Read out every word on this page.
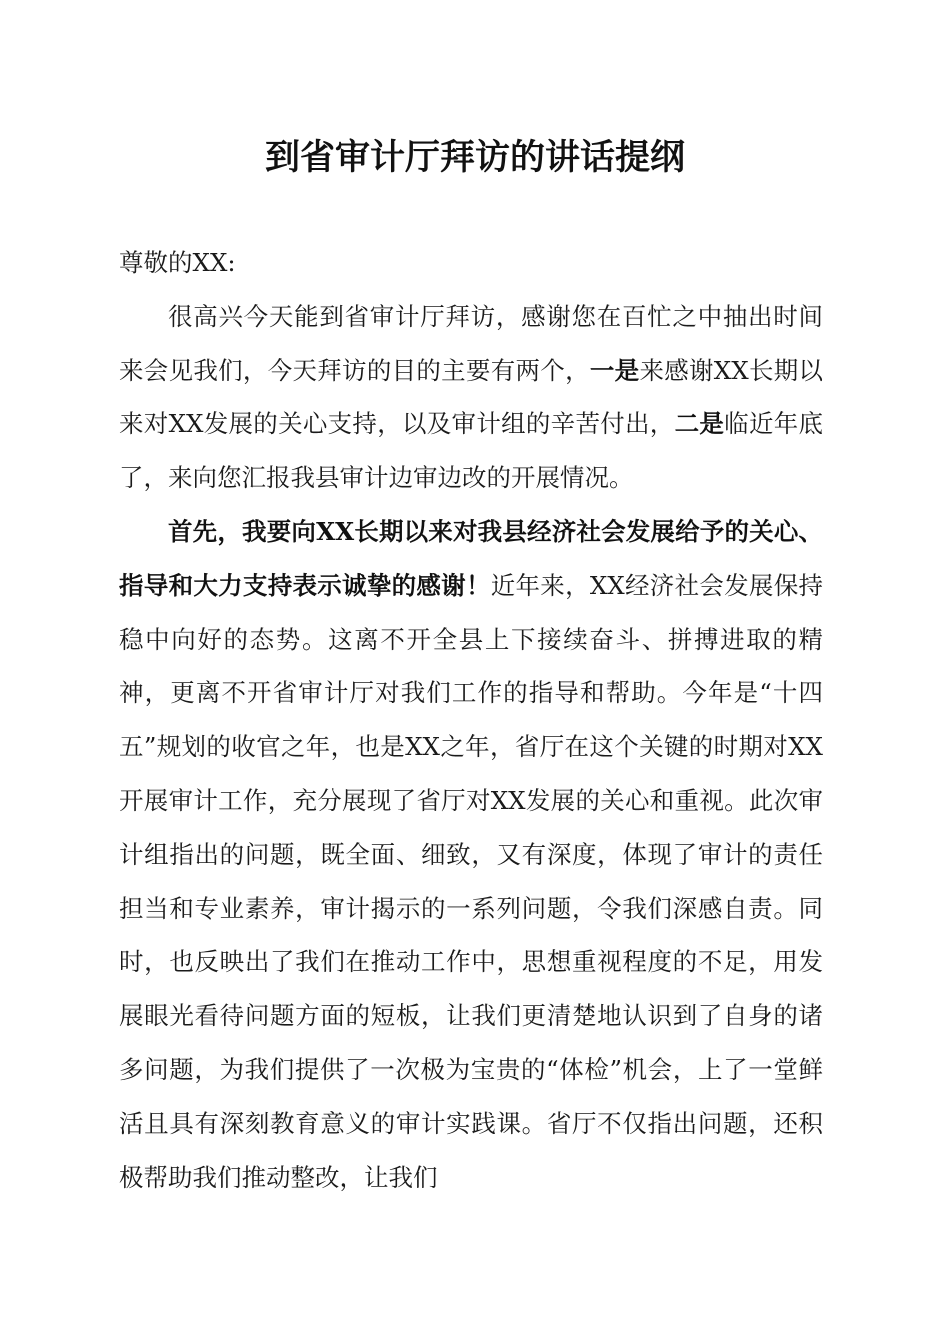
到省审计厅拜访的讲话提纲

尊敬的XX:

很高兴今天能到省审计厅拜访，感谢您在百忙之中抽出时间来会见我们，今天拜访的目的主要有两个，一是来感谢XX长期以来对XX发展的关心支持，以及审计组的辛苦付出，二是临近年底了，来向您汇报我县审计边审边改的开展情况。

首先，我要向XX长期以来对我县经济社会发展给予的关心、指导和大力支持表示诚挚的感谢！近年来，XX经济社会发展保持稳中向好的态势。这离不开全县上下接续奋斗、拼搏进取的精神，更离不开省审计厅对我们工作的指导和帮助。今年是“十四五”规划的收官之年，也是XX之年，省厅在这个关键的时期对XX开展审计工作，充分展现了省厅对XX发展的关心和重视。此次审计组指出的问题，既全面、细致，又有深度，体现了审计的责任担当和专业素养，审计揭示的一系列问题，令我们深感自责。同时，也反映出了我们在推动工作中，思想重视程度的不足，用发展眼光看待问题方面的短板，让我们更清楚地认识到了自身的诸多问题，为我们提供了一次极为宝贵的“体检”机会，上了一堂鲜活且具有深刻教育意义的审计实践课。省厅不仅指出问题，还积极帮助我们推动整改，让我们
